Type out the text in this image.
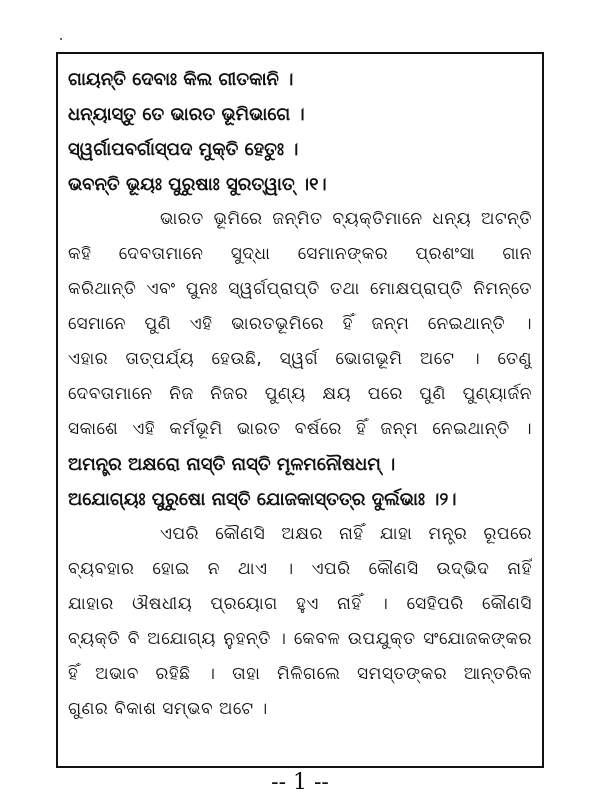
ଗାୟନ୍ତି ଦେବାଃ କିଲ ଗୀତକାନି ।
ଧନ୍ୟାସ୍ତୁ ତେ ଭାରତ ଭୂମିଭାଗେ ।
ସ୍ୱର୍ଗାପବର୍ଗାସ୍ପଦ ମୁକ୍ତି ହେତୁଃ ।
ଭବନ୍ତି ଭୂୟଃ ପୁରୁଷାଃ ସୁରତ୍ୱାତ୍ ।୧।
ଭାରତ ଭୂମିରେ ଜନ୍ମିତ ବ୍ୟକ୍ତିମାନେ ଧନ୍ୟ ଅଟନ୍ତି
କହି ଦେବତାମାନେ ସୁଦ୍ଧା ସେମାନଙ୍କର ପ୍ରଶଂସା ଗାନ
କରିଥାନ୍ତି ଏବଂ ପୁନଃ ସ୍ୱର୍ଗପ୍ରାପ୍ତି ତଥା ମୋକ୍ଷପ୍ରାପ୍ତି ନିମନ୍ତେ
ସେମାନେ ପୁଣି ଏହି ଭାରତଭୂମିରେ ହିଁ ଜନ୍ମ ନେଇଥାନ୍ତି ।
ଏହାର ତାତ୍ପର୍ଯ୍ୟ ହେଉଛି, ସ୍ୱର୍ଗ ଭୋଗଭୂମି ଅଟେ । ତେଣୁ
ଦେବତାମାନେ ନିଜ ନିଜର ପୁଣ୍ୟ କ୍ଷୟ ପରେ ପୁଣି ପୁଣ୍ୟାର୍ଜନ
ସକାଶେ ଏହି କର୍ମଭୂମି ଭାରତ ବର୍ଷରେ ହିଁ ଜନ୍ମ ନେଇଥାନ୍ତି ।
ଅମନ୍ତ୍ର ଅକ୍ଷରୋ ନାସ୍ତି ନାସ୍ତି ମୂଳମନୌଷଧମ୍ ।
ଅଯୋଗ୍ୟଃ ପୁରୁଷୋ ନାସ୍ତି ଯୋଜକାସ୍ତତ୍ର ଦୁର୍ଲଭାଃ ।୨।
ଏପରି କୌଣସି ଅକ୍ଷର ନାହିଁ ଯାହା ମନ୍ତ୍ର ରୂପରେ
ବ୍ୟବହାର ହୋଇ ନ ଥାଏ । ଏପରି କୌଣସି ଉଦ୍ଭିଦ ନାହିଁ
ଯାହାର ଔଷଧୀୟ ପ୍ରୟୋଗ ହୁଏ ନାହିଁ । ସେହିପରି କୌଣସି
ବ୍ୟକ୍ତି ବି ଅଯୋଗ୍ୟ ନୁହନ୍ତି । କେବଳ ଉପଯୁକ୍ତ ସଂଯୋଜକଙ୍କର
ହିଁ ଅଭାବ ରହିଛି । ତାହା ମିଳିଗଲେ ସମସ୍ତଙ୍କର ଆନ୍ତରିକ
ଗୁଣର ବିକାଶ ସମ୍ଭବ ଅଟେ ।
-- 1 --
